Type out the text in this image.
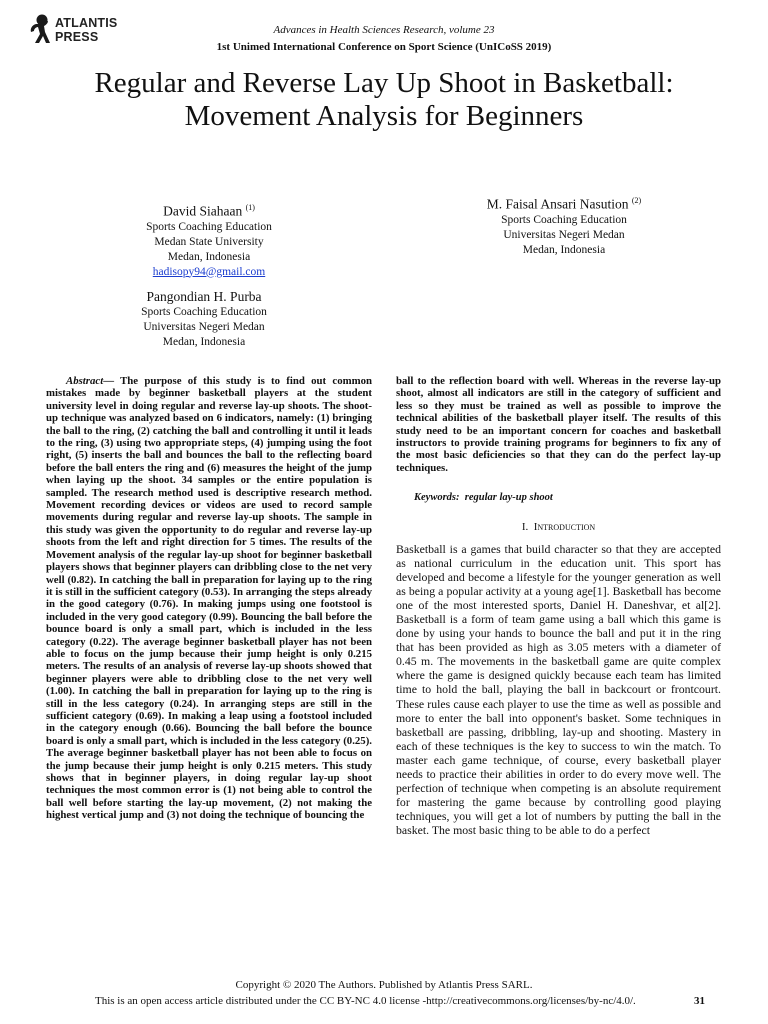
ATLANTIS
PRESS	Advances in Health Sciences Research, volume 23
1st Unimed International Conference on Sport Science (UnICoSS 2019)
Regular and Reverse Lay Up Shoot in Basketball:
Movement Analysis for Beginners
David Siahaan $^{(1)}$
Sports Coaching Education
Medan State University
Medan, Indonesia
hadisopy94@gmail.com
M. Faisal Ansari Nasution $^{(2)}$
Sports Coaching Education
Universitas Negeri Medan
Medan, Indonesia
Pangondian H. Purba
Sports Coaching Education
Universitas Negeri Medan
Medan, Indonesia
Abstract— The purpose of this study is to find out common mistakes made by beginner basketball players at the student university level in doing regular and reverse lay-up shoots. The shoot-up technique was analyzed based on 6 indicators, namely: (1) bringing the ball to the ring, (2) catching the ball and controlling it until it leads to the ring, (3) using two appropriate steps, (4) jumping using the foot right, (5) inserts the ball and bounces the ball to the reflecting board before the ball enters the ring and (6) measures the height of the jump when laying up the shoot. 34 samples or the entire population is sampled. The research method used is descriptive research method. Movement recording devices or videos are used to record sample movements during regular and reverse lay-up shoots. The sample in this study was given the opportunity to do regular and reverse lay-up shoots from the left and right direction for 5 times. The results of the Movement analysis of the regular lay-up shoot for beginner basketball players shows that beginner players can dribbling close to the net very well (0.82). In catching the ball in preparation for laying up to the ring it is still in the sufficient category (0.53). In arranging the steps already in the good category (0.76). In making jumps using one footstool is included in the very good category (0.99). Bouncing the ball before the bounce board is only a small part, which is included in the less category (0.22). The average beginner basketball player has not been able to focus on the jump because their jump height is only 0.215 meters. The results of an analysis of reverse lay-up shoots showed that beginner players were able to dribbling close to the net very well (1.00). In catching the ball in preparation for laying up to the ring is still in the less category (0.24). In arranging steps are still in the sufficient category (0.69). In making a leap using a footstool included in the category enough (0.66). Bouncing the ball before the bounce board is only a small part, which is included in the less category (0.25). The average beginner basketball player has not been able to focus on the jump because their jump height is only 0.215 meters. This study shows that in beginner players, in doing regular lay-up shoot techniques the most common error is (1) not being able to control the ball well before starting the lay-up movement, (2) not making the highest vertical jump and (3) not doing the technique of bouncing the
ball to the reflection board with well. Whereas in the reverse lay-up shoot, almost all indicators are still in the category of sufficient and less so they must be trained as well as possible to improve the technical abilities of the basketball player itself. The results of this study need to be an important concern for coaches and basketball instructors to provide training programs for beginners to fix any of the most basic deficiencies so that they can do the perfect lay-up techniques.
Keywords: regular lay-up shoot
I. Introduction
Basketball is a games that build character so that they are accepted as national curriculum in the education unit. This sport has developed and become a lifestyle for the younger generation as well as being a popular activity at a young age[1]. Basketball has become one of the most interested sports, Daniel H. Daneshvar, et al[2]. Basketball is a form of team game using a ball which this game is done by using your hands to bounce the ball and put it in the ring that has been provided as high as 3.05 meters with a diameter of 0.45 m. The movements in the basketball game are quite complex where the game is designed quickly because each team has limited time to hold the ball, playing the ball in backcourt or frontcourt. These rules cause each player to use the time as well as possible and more to enter the ball into opponent's basket. Some techniques in basketball are passing, dribbling, lay-up and shooting. Mastery in each of these techniques is the key to success to win the match. To master each game technique, of course, every basketball player needs to practice their abilities in order to do every move well. The perfection of technique when competing is an absolute requirement for mastering the game because by controlling good playing techniques, you will get a lot of numbers by putting the ball in the basket. The most basic thing to be able to do a perfect
Copyright © 2020 The Authors. Published by Atlantis Press SARL.
This is an open access article distributed under the CC BY-NC 4.0 license -http://creativecommons.org/licenses/by-nc/4.0/.	31
